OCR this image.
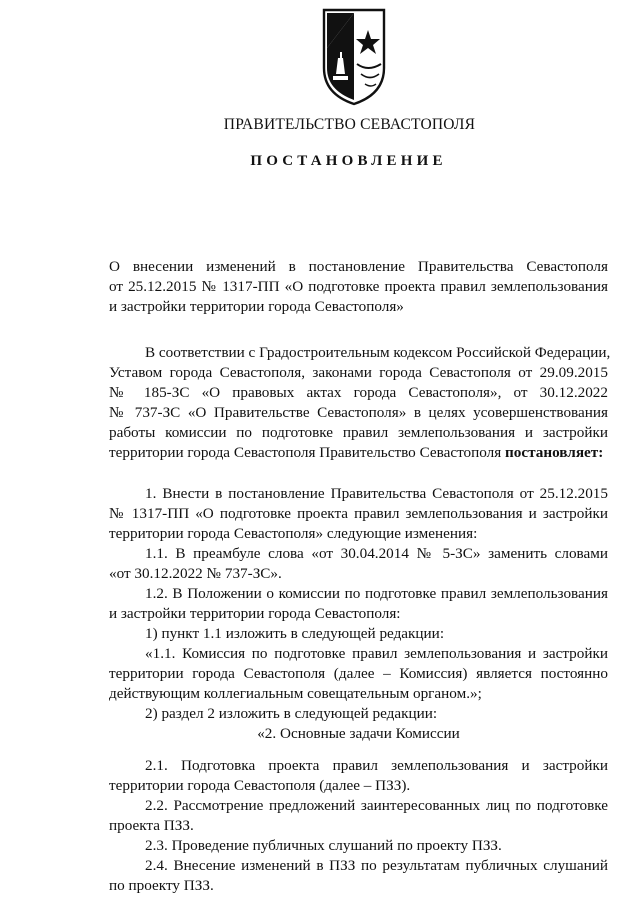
ПРАВИТЕЛЬСТВО СЕВАСТОПОЛЯ
ПОСТАНОВЛЕНИЕ
О внесении изменений в постановление Правительства Севастополя
от 25.12.2015 № 1317-ПП «О подготовке проекта правил землепользования
и застройки территории города Севастополя»
В соответствии с Градостроительным кодексом Российской Федерации,
Уставом города Севастополя, законами города Севастополя от 29.09.2015
№ 185-ЗС «О правовых актах города Севастополя», от 30.12.2022
№ 737-ЗС «О Правительстве Севастополя» в целях усовершенствования
работы комиссии по подготовке правил землепользования и застройки
территории города Севастополя Правительство Севастополя постановляет:
1. Внести в постановление Правительства Севастополя от 25.12.2015
№ 1317-ПП «О подготовке проекта правил землепользования и застройки
территории города Севастополя» следующие изменения:
1.1. В преамбуле слова «от 30.04.2014 № 5-ЗС» заменить словами
«от 30.12.2022 № 737-ЗС».
1.2. В Положении о комиссии по подготовке правил землепользования
и застройки территории города Севастополя:
1) пункт 1.1 изложить в следующей редакции:
«1.1. Комиссия по подготовке правил землепользования и застройки
территории города Севастополя (далее – Комиссия) является постоянно
действующим коллегиальным совещательным органом.»;
2) раздел 2 изложить в следующей редакции:
«2. Основные задачи Комиссии
2.1. Подготовка проекта правил землепользования и застройки
территории города Севастополя (далее – ПЗЗ).
2.2. Рассмотрение предложений заинтересованных лиц по подготовке
проекта ПЗЗ.
2.3. Проведение публичных слушаний по проекту ПЗЗ.
2.4. Внесение изменений в ПЗЗ по результатам публичных слушаний
по проекту ПЗЗ.
